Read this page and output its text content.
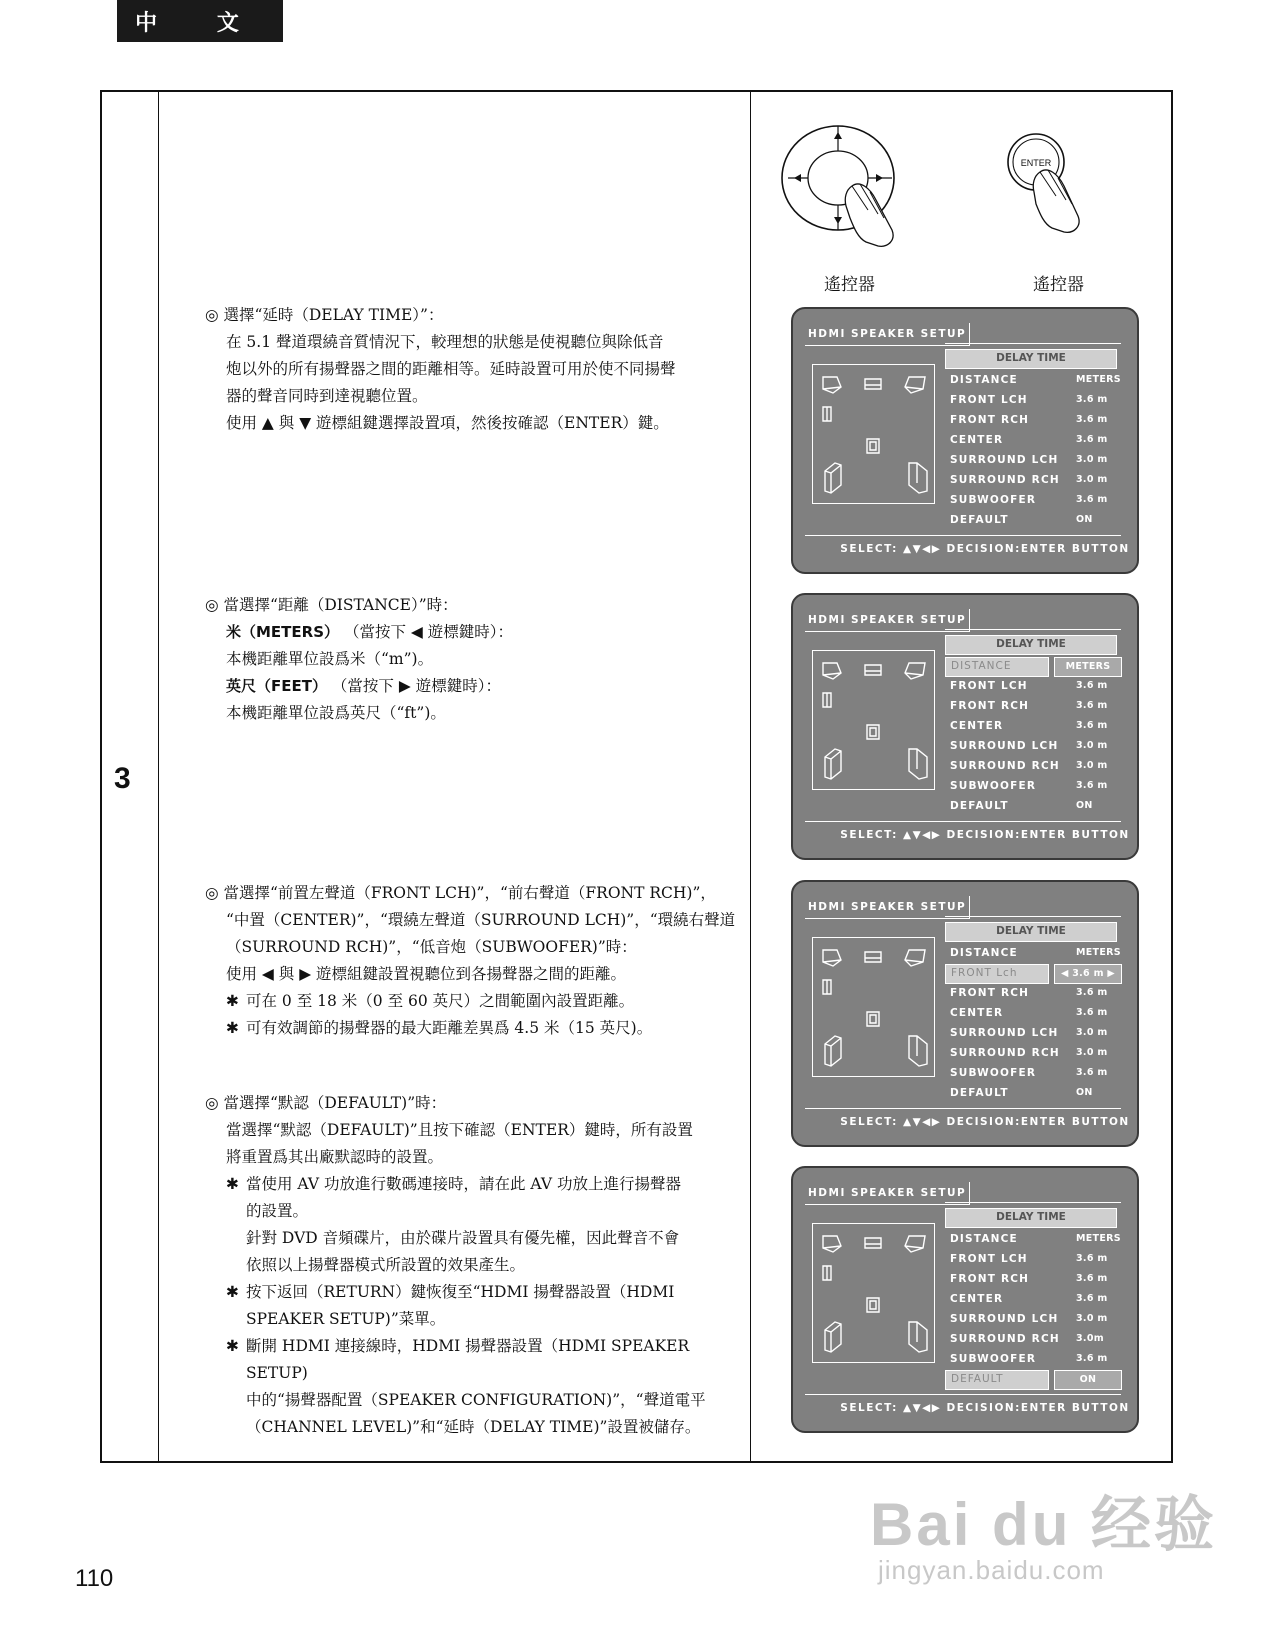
中 文
3
遙控器
ENTER
遙控器

◎ 選擇“延時（DELAY TIME）”：

在 5.1 聲道環繞音質情況下，較理想的狀態是使視聽位與除低音

炮以外的所有揚聲器之間的距離相等。延時設置可用於使不同揚聲

器的聲音同時到達視聽位置。

使用 ▲ 與 ▼ 遊標組鍵選擇設置項，然後按確認（ENTER）鍵。

◎ 當選擇“距離（DISTANCE）”時：

米（METERS） （當按下 ◀ 遊標鍵時）：

本機距離單位設爲米（“m”)。

英尺（FEET） （當按下 ▶ 遊標鍵時）：

本機距離單位設爲英尺（“ft”)。

◎ 當選擇“前置左聲道（FRONT LCH)”，“前右聲道（FRONT RCH)”，

“中置（CENTER)”，“環繞左聲道（SURROUND LCH)”，“環繞右聲道

（SURROUND RCH)”，“低音炮（SUBWOOFER)”時：

使用 ◀ 與 ▶ 遊標組鍵設置視聽位到各揚聲器之間的距離。

✱ 可在 0 至 18 米（0 至 60 英尺）之間範圍內設置距離。

✱ 可有效調節的揚聲器的最大距離差異爲 4.5 米（15 英尺)。

◎ 當選擇“默認（DEFAULT)”時：

當選擇“默認（DEFAULT)”且按下確認（ENTER）鍵時，所有設置

將重置爲其出廠默認時的設置。

✱ 當使用 AV 功放進行數碼連接時，請在此 AV 功放上進行揚聲器

的設置。

針對 DVD 音頻碟片，由於碟片設置具有優先權，因此聲音不會

依照以上揚聲器模式所設置的效果產生。

✱ 按下返回（RETURN）鍵恢復至“HDMI 揚聲器設置（HDMI

SPEAKER SETUP)”菜單。

✱ 斷開 HDMI 連接線時，HDMI 揚聲器設置（HDMI SPEAKER SETUP)

中的“揚聲器配置（SPEAKER CONFIGURATION)”，“聲道電平

（CHANNEL LEVEL)”和“延時（DELAY TIME)”設置被儲存。

HDMI SPEAKER SETUP
DELAY TIME
DISTANCE	METERS
FRONT LCH	3.6 m
FRONT RCH	3.6 m
CENTER	3.6 m
SURROUND LCH 3.0 m
SURROUND RCH 3.0 m
SUBWOOFER	3.6 m
DEFAULT	ON
SELECT: ▲▼◀▶ DECISION:ENTER BUTTON
HDMI SPEAKER SETUP
DELAY TIME
DISTANCE	METERS
FRONT LCH	3.6 m
FRONT RCH	3.6 m
CENTER	3.6 m
SURROUND LCH 3.0 m
SURROUND RCH 3.0 m
SUBWOOFER	3.6 m
DEFAULT	ON
SELECT: ▲▼◀▶ DECISION:ENTER BUTTON
HDMI SPEAKER SETUP
DELAY TIME
DISTANCE	METERS
FRONT Lch	◀ 3.6 m ▶
FRONT RCH	3.6 m
CENTER	3.6 m
SURROUND LCH 3.0 m
SURROUND RCH 3.0 m
SUBWOOFER	3.6 m
DEFAULT	ON
SELECT: ▲▼◀▶ DECISION:ENTER BUTTON
HDMI SPEAKER SETUP
DELAY TIME
DISTANCE	METERS
FRONT LCH	3.6 m
FRONT RCH	3.6 m
CENTER	3.6 m
SURROUND LCH 3.0 m
SURROUND RCH 3.0m
SUBWOOFER	3.6 m
DEFAULT	ON
SELECT: ▲▼◀▶ DECISION:ENTER BUTTON
110
Bai du 经验
jingyan.baidu.com
